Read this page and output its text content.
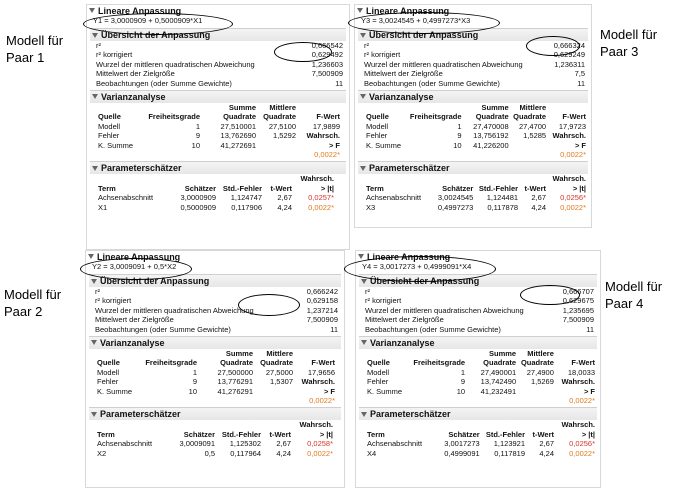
Modell für
Paar 1
Modell für
Paar 2
Modell für
Paar 3
Modell für
Paar 4
Lineare Anpassung
Y1 = 3,0000909 + 0,5000909*X1
Übersicht der Anpassung
r²	0,666542
r² korrigiert	0,629492
Wurzel der mittleren quadratischen Abweichung	1,236603
Mittelwert der Zielgröße	7,500909
Beobachtungen (oder Summe Gewichte)	11
Varianzanalyse
		Summe	Mittlere	
Quelle	Freiheitsgrade	Quadrate	Quadrate	F-Wert
Modell	1	27,510001	27,5100	17,9899
Fehler	9	13,762690	1,5292	Wahrsch.
K. Summe	10	41,272691		> F
				0,0022*
Parameterschätzer
				Wahrsch.
Term	Schätzer	Std.-Fehler	t-Wert	> |t|
Achsenabschnitt	3,0000909	1,124747	2,67	0,0257*
X1	0,5000909	0,117906	4,24	0,0022*
Lineare Anpassung
Y2 = 3,0009091 + 0,5*X2
Übersicht der Anpassung
r²	0,666242
r² korrigiert	0,629158
Wurzel der mittleren quadratischen Abweichung	1,237214
Mittelwert der Zielgröße	7,500909
Beobachtungen (oder Summe Gewichte)	11
Varianzanalyse
		Summe	Mittlere	
Quelle	Freiheitsgrade	Quadrate	Quadrate	F-Wert
Modell	1	27,500000	27,5000	17,9656
Fehler	9	13,776291	1,5307	Wahrsch.
K. Summe	10	41,276291		> F
				0,0022*
Parameterschätzer
				Wahrsch.
Term	Schätzer	Std.-Fehler	t-Wert	> |t|
Achsenabschnitt	3,0009091	1,125302	2,67	0,0258*
X2	0,5	0,117964	4,24	0,0022*
Lineare Anpassung
Y3 = 3,0024545 + 0,4997273*X3
Übersicht der Anpassung
r²	0,666324
r² korrigiert	0,629249
Wurzel der mittleren quadratischen Abweichung	1,236311
Mittelwert der Zielgröße	7,5
Beobachtungen (oder Summe Gewichte)	11
Varianzanalyse
		Summe	Mittlere	
Quelle	Freiheitsgrade	Quadrate	Quadrate	F-Wert
Modell	1	27,470008	27,4700	17,9723
Fehler	9	13,756192	1,5285	Wahrsch.
K. Summe	10	41,226200		> F
				0,0022*
Parameterschätzer
				Wahrsch.
Term	Schätzer	Std.-Fehler	t-Wert	> |t|
Achsenabschnitt	3,0024545	1,124481	2,67	0,0256*
X3	0,4997273	0,117878	4,24	0,0022*
Lineare Anpassung
Y4 = 3,0017273 + 0,4999091*X4
Übersicht der Anpassung
r²	0,666707
r² korrigiert	0,629675
Wurzel der mittleren quadratischen Abweichung	1,235695
Mittelwert der Zielgröße	7,500909
Beobachtungen (oder Summe Gewichte)	11
Varianzanalyse
		Summe	Mittlere	
Quelle	Freiheitsgrade	Quadrate	Quadrate	F-Wert
Modell	1	27,490001	27,4900	18,0033
Fehler	9	13,742490	1,5269	Wahrsch.
K. Summe	10	41,232491		> F
				0,0022*
Parameterschätzer
				Wahrsch.
Term	Schätzer	Std.-Fehler	t-Wert	> |t|
Achsenabschnitt	3,0017273	1,123921	2,67	0,0256*
X4	0,4999091	0,117819	4,24	0,0022*
